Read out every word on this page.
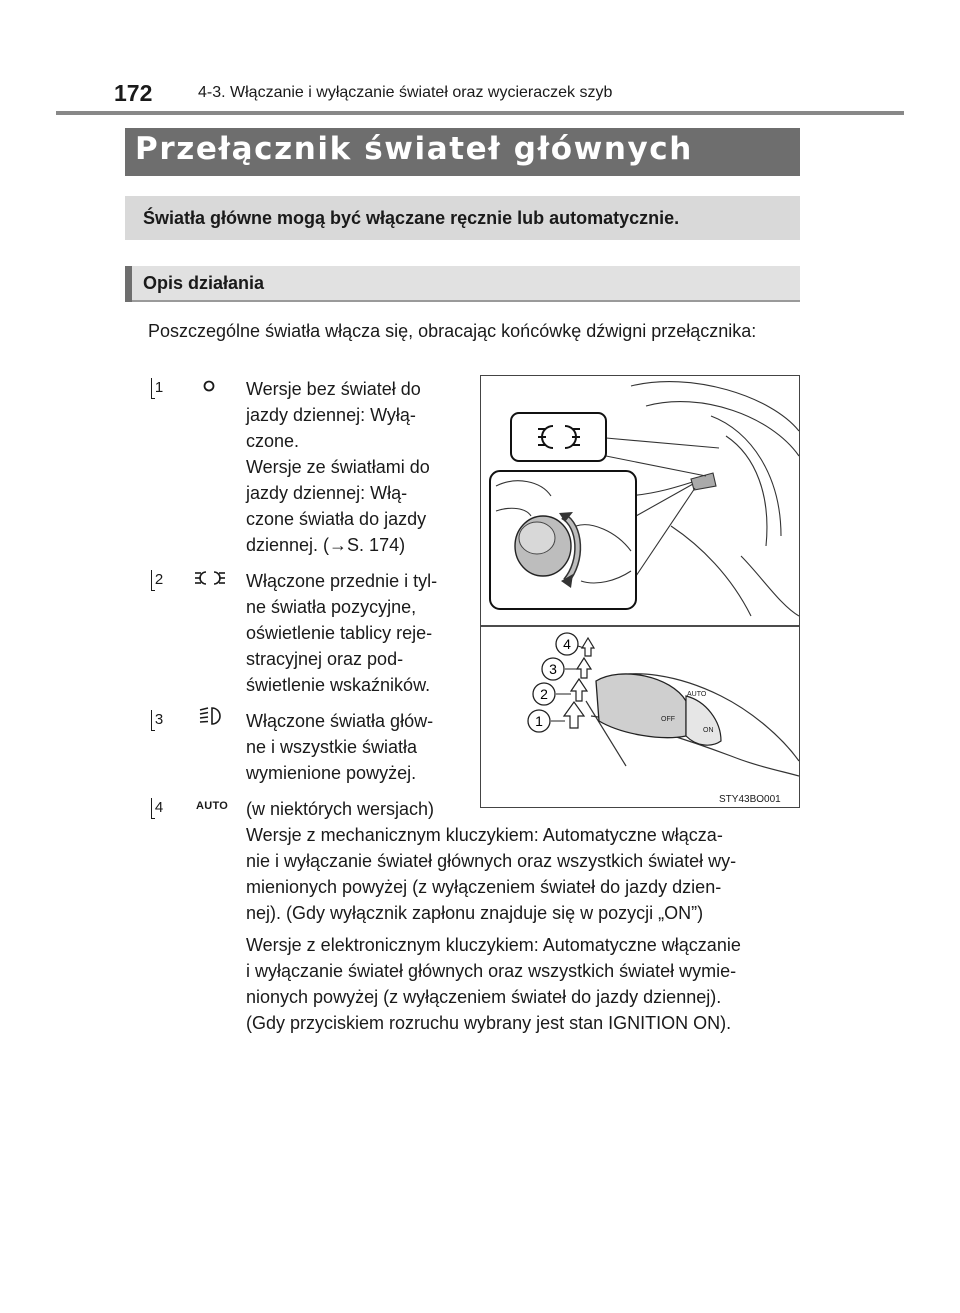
172	4-3. Włączanie i wyłączanie świateł oraz wycieraczek szyb
Przełącznik świateł głównych
Światła główne mogą być włączane ręcznie lub automatycznie.
Opis działania
Poszczególne światła włącza się, obracając końcówkę dźwigni przełącznika:
1	Wersje bez świateł do
jazdy dziennej: Wyłą-
czone.
Wersje ze światłami do
jazdy dziennej: Włą-
czone światła do jazdy
dziennej. (→S. 174)
2	Włączone przednie i tyl-
ne światła pozycyjne,
oświetlenie tablicy reje-
stracyjnej oraz pod-
świetlenie wskaźników.
3	Włączone światła głów-
ne i wszystkie światła
wymienione powyżej.
4	AUTO (w niektórych wersjach)
Wersje z mechanicznym kluczykiem: Automatyczne włącza-
nie i wyłączanie świateł głównych oraz wszystkich świateł wy-
mienionych powyżej (z wyłączeniem świateł do jazdy dzien-
nej). (Gdy wyłącznik zapłonu znajduje się w pozycji „ON”)
Wersje z elektronicznym kluczykiem: Automatyczne włączanie
i wyłączanie świateł głównych oraz wszystkich świateł wymie-
nionych powyżej (z wyłączeniem świateł do jazdy dziennej).
(Gdy przyciskiem rozruchu wybrany jest stan IGNITION ON).
AUTO
OFF
ON
1
2
3
4
STY43BO001
